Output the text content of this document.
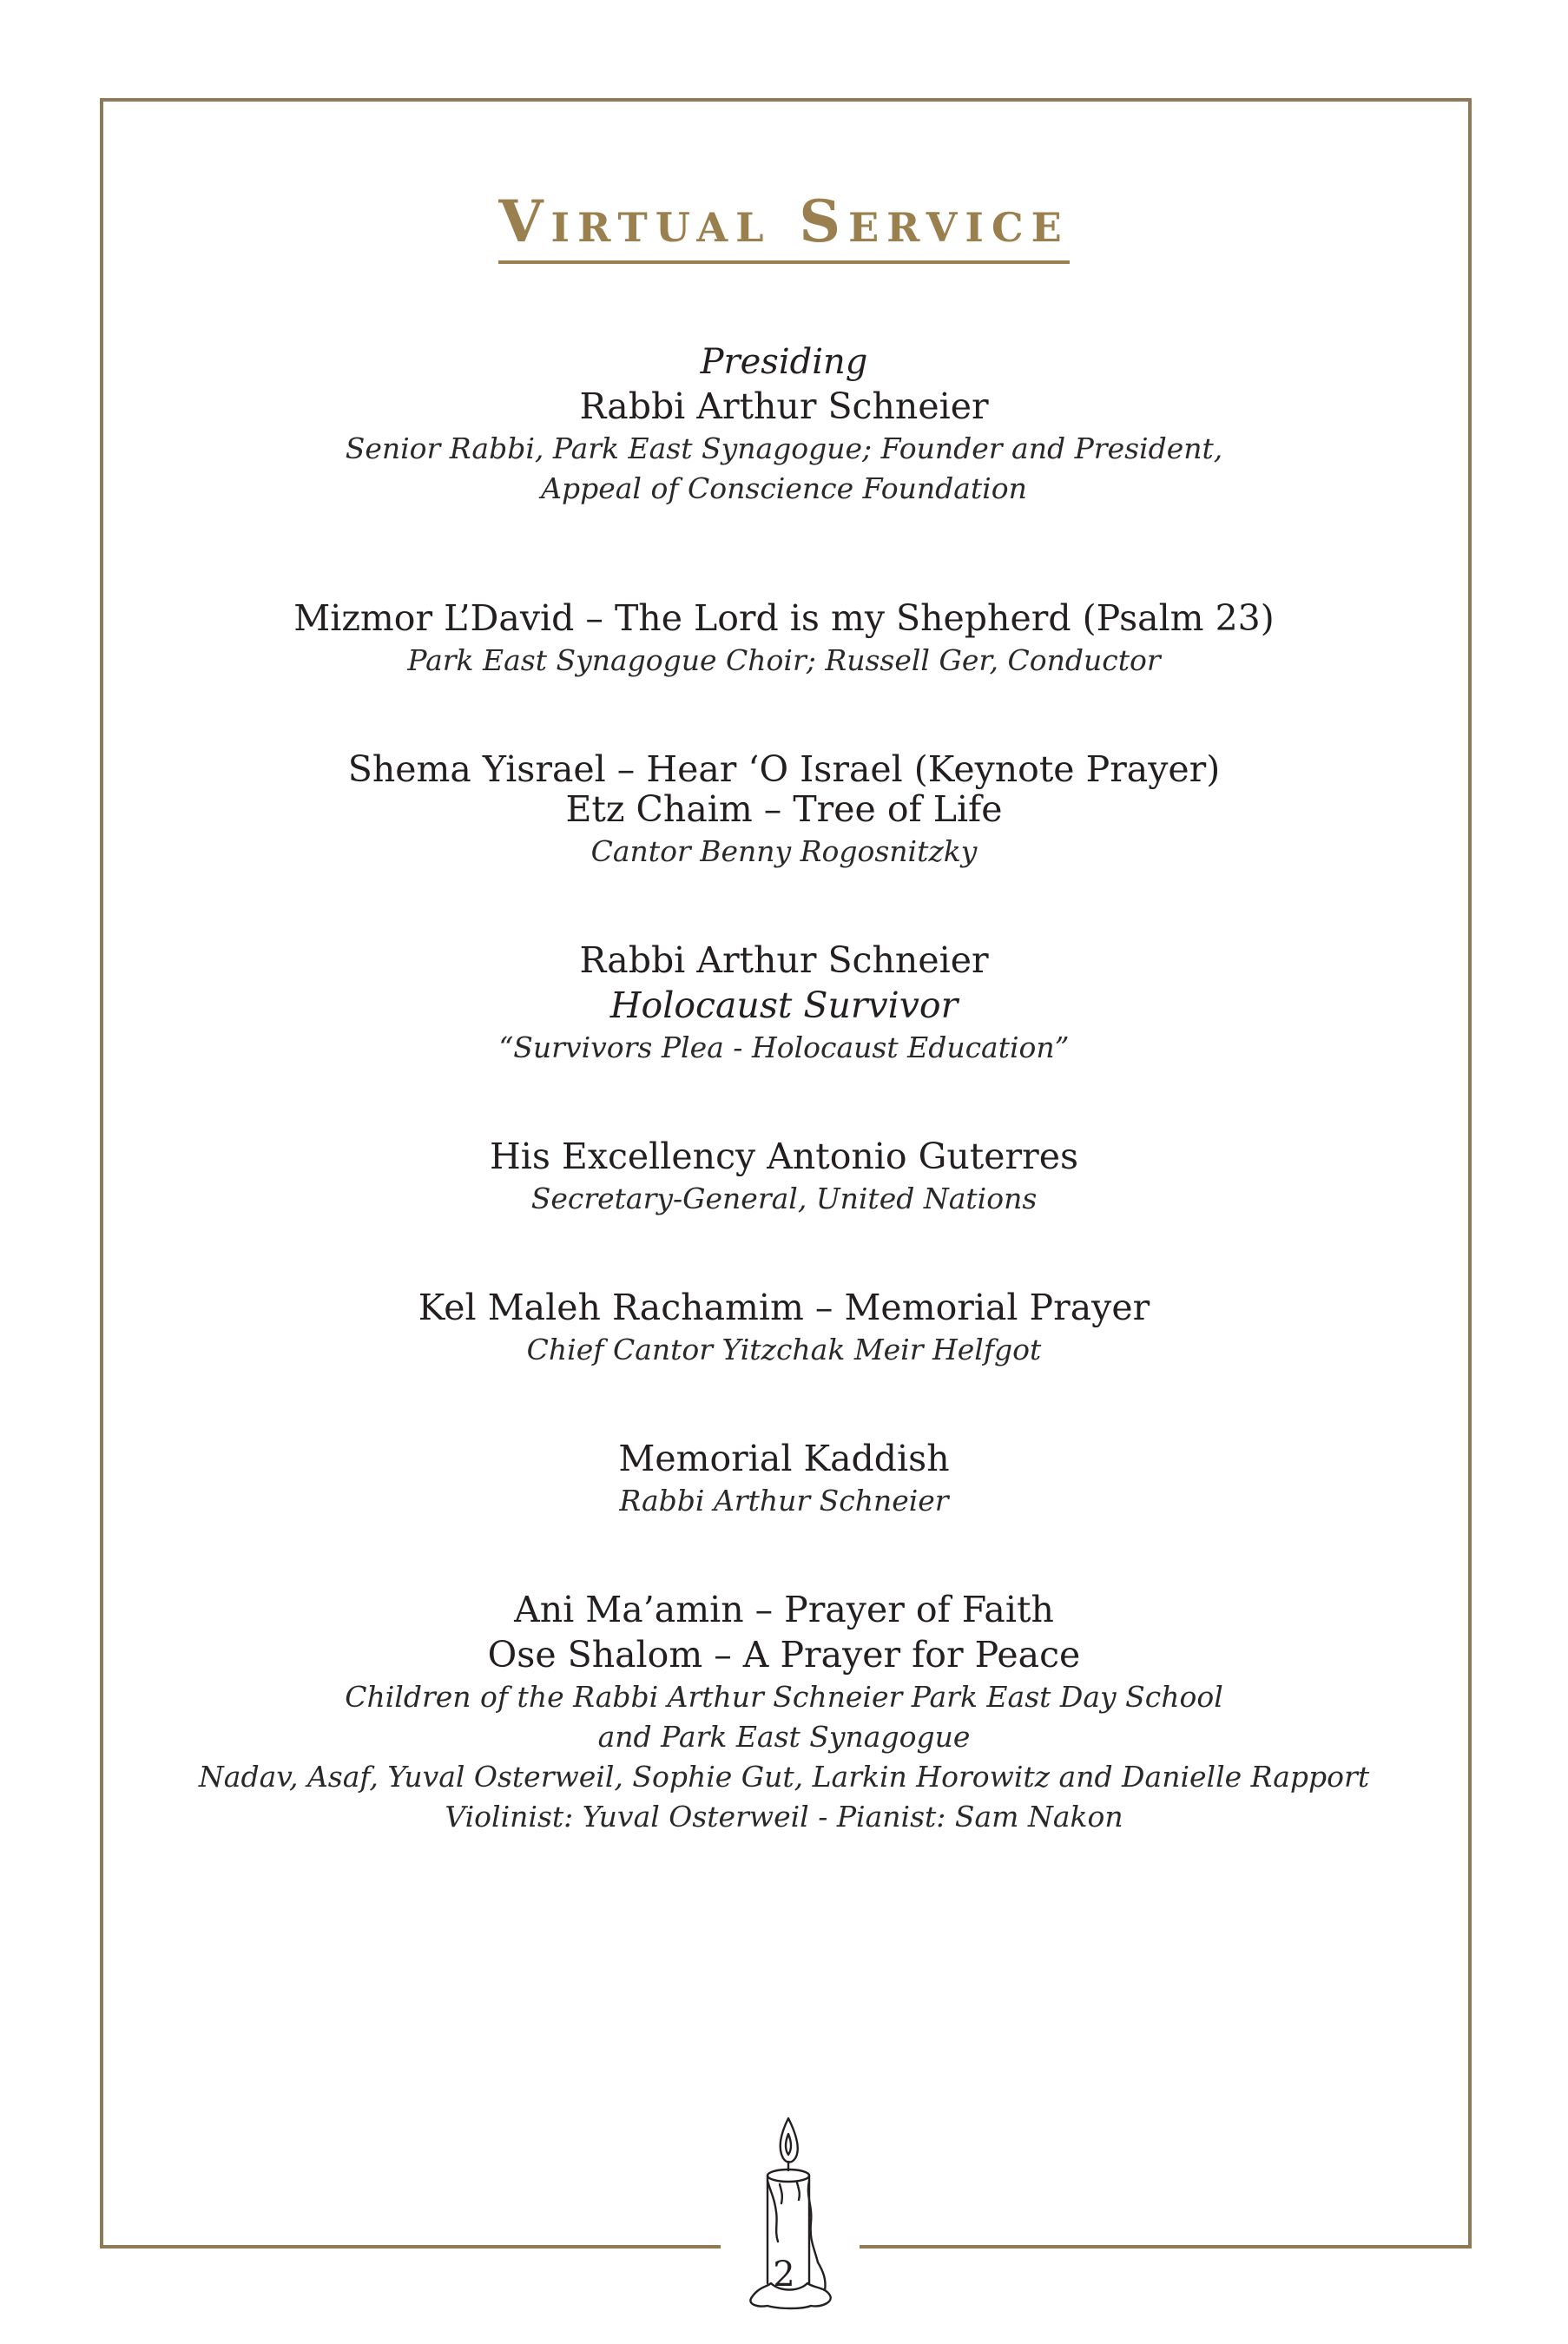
Virtual Service
Presiding
Rabbi Arthur Schneier
Senior Rabbi, Park East Synagogue; Founder and President,
Appeal of Conscience Foundation
Mizmor L’David – The Lord is my Shepherd (Psalm 23)
Park East Synagogue Choir; Russell Ger, Conductor
Shema Yisrael – Hear ‘O Israel (Keynote Prayer)
Etz Chaim – Tree of Life
Cantor Benny Rogosnitzky
Rabbi Arthur Schneier
Holocaust Survivor
“Survivors Plea - Holocaust Education”
His Excellency Antonio Guterres
Secretary-General, United Nations
Kel Maleh Rachamim – Memorial Prayer
Chief Cantor Yitzchak Meir Helfgot
Memorial Kaddish
Rabbi Arthur Schneier
Ani Ma’amin – Prayer of Faith
Ose Shalom – A Prayer for Peace
Children of the Rabbi Arthur Schneier Park East Day School
and Park East Synagogue
Nadav, Asaf, Yuval Osterweil, Sophie Gut, Larkin Horowitz and Danielle Rapport
Violinist: Yuval Osterweil - Pianist: Sam Nakon
2
